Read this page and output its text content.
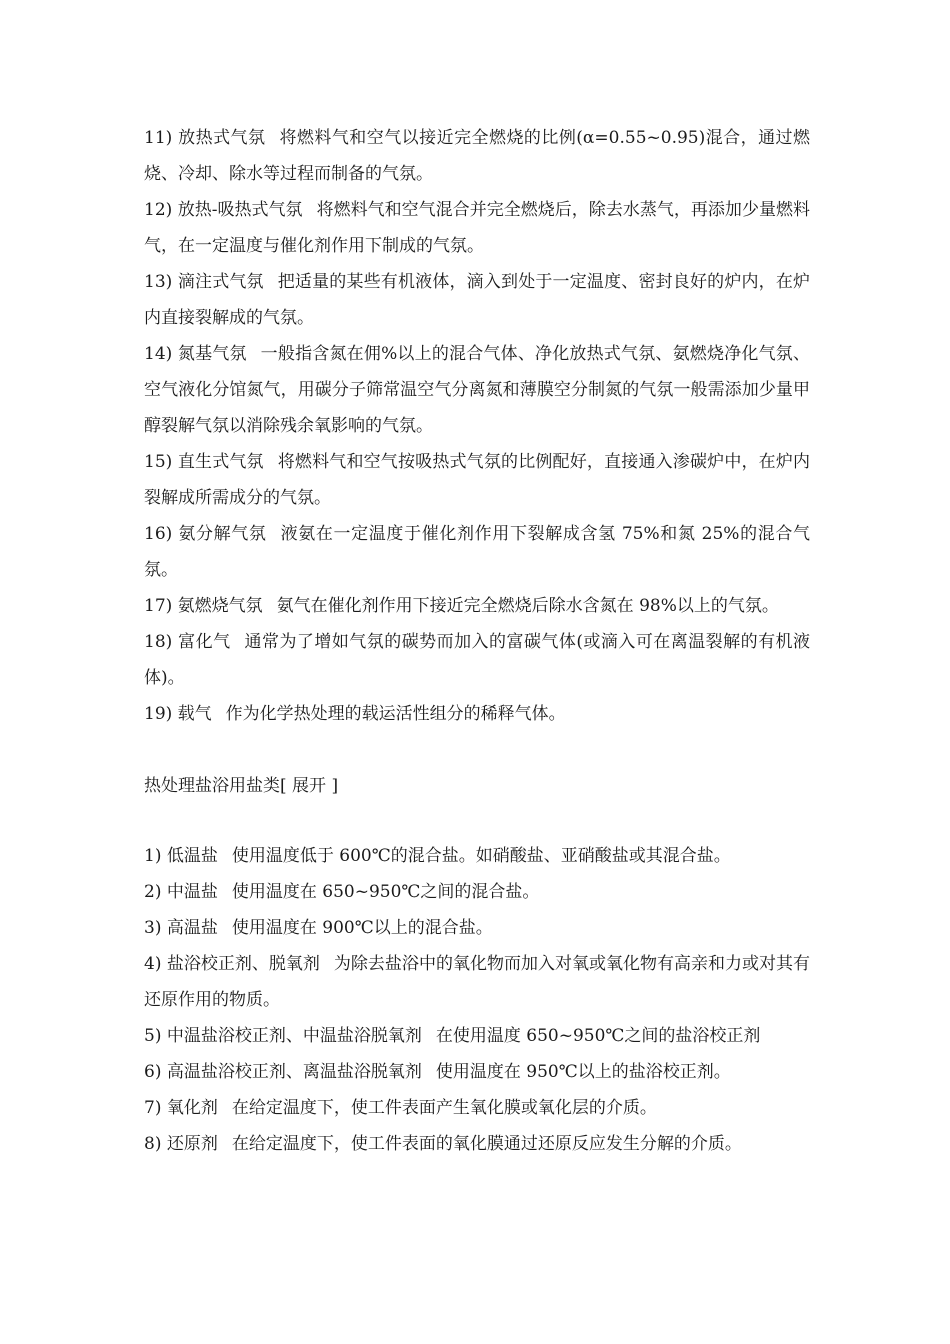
11) 放热式气氛 将燃料气和空气以接近完全燃烧的比例(α=0.55~0.95)混合，通过燃烧、冷却、除水等过程而制备的气氛。

12) 放热-吸热式气氛 将燃料气和空气混合并完全燃烧后，除去水蒸气，再添加少量燃料气，在一定温度与催化剂作用下制成的气氛。

13) 滴注式气氛 把适量的某些有机液体，滴入到处于一定温度、密封良好的炉内，在炉内直接裂解成的气氛。

14) 氮基气氛 一般指含氮在佣%以上的混合气体、净化放热式气氛、氨燃烧净化气氛、空气液化分馆氮气，用碳分子筛常温空气分离氮和薄膜空分制氮的气氛一般需添加少量甲醇裂解气氛以消除残余氧影响的气氛。

15) 直生式气氛 将燃料气和空气按吸热式气氛的比例配好，直接通入渗碳炉中，在炉内裂解成所需成分的气氛。

16) 氨分解气氛 液氨在一定温度于催化剂作用下裂解成含氢 75%和氮 25%的混合气氛。

17) 氨燃烧气氛 氨气在催化剂作用下接近完全燃烧后除水含氮在 98%以上的气氛。

18) 富化气 通常为了增如气氛的碳势而加入的富碳气体(或滴入可在离温裂解的有机液体)。

19) 载气 作为化学热处理的载运活性组分的稀释气体。

热处理盐浴用盐类[ 展开 ]

1) 低温盐 使用温度低于 600℃的混合盐。如硝酸盐、亚硝酸盐或其混合盐。

2) 中温盐 使用温度在 650~950℃之间的混合盐。

3) 高温盐 使用温度在 900℃以上的混合盐。

4) 盐浴校正剂、脱氧剂 为除去盐浴中的氧化物而加入对氧或氧化物有高亲和力或对其有还原作用的物质。

5) 中温盐浴校正剂、中温盐浴脱氧剂 在使用温度 650~950℃之间的盐浴校正剂

6) 高温盐浴校正剂、离温盐浴脱氧剂 使用温度在 950℃以上的盐浴校正剂。

7) 氧化剂 在给定温度下，使工件表面产生氧化膜或氧化层的介质。

8) 还原剂 在给定温度下，使工件表面的氧化膜通过还原反应发生分解的介质。
